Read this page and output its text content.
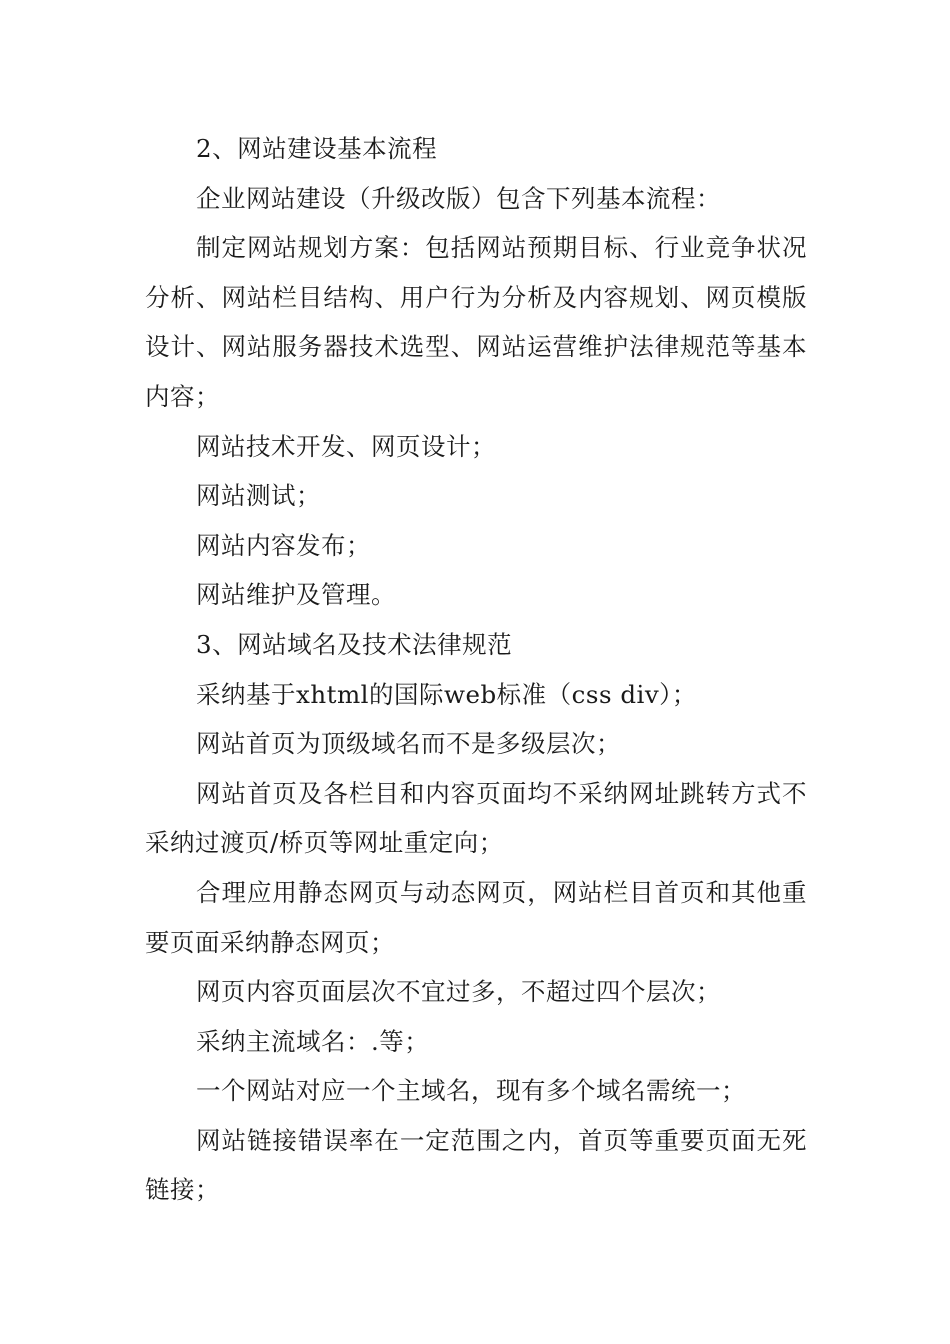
2、网站建设基本流程

企业网站建设（升级改版）包含下列基本流程：

制定网站规划方案：包括网站预期目标、行业竞争状况分析、网站栏目结构、用户行为分析及内容规划、网页模版设计、网站服务器技术选型、网站运营维护法律规范等基本内容；

网站技术开发、网页设计；

网站测试；

网站内容发布；

网站维护及管理。

3、网站域名及技术法律规范

采纳基于xhtml的国际web标准（css div）；

网站首页为顶级域名而不是多级层次；

网站首页及各栏目和内容页面均不采纳网址跳转方式不采纳过渡页/桥页等网址重定向；

合理应用静态网页与动态网页，网站栏目首页和其他重要页面采纳静态网页；

网页内容页面层次不宜过多，不超过四个层次；

采纳主流域名：.等；

一个网站对应一个主域名，现有多个域名需统一；

网站链接错误率在一定范围之内，首页等重要页面无死链接；
